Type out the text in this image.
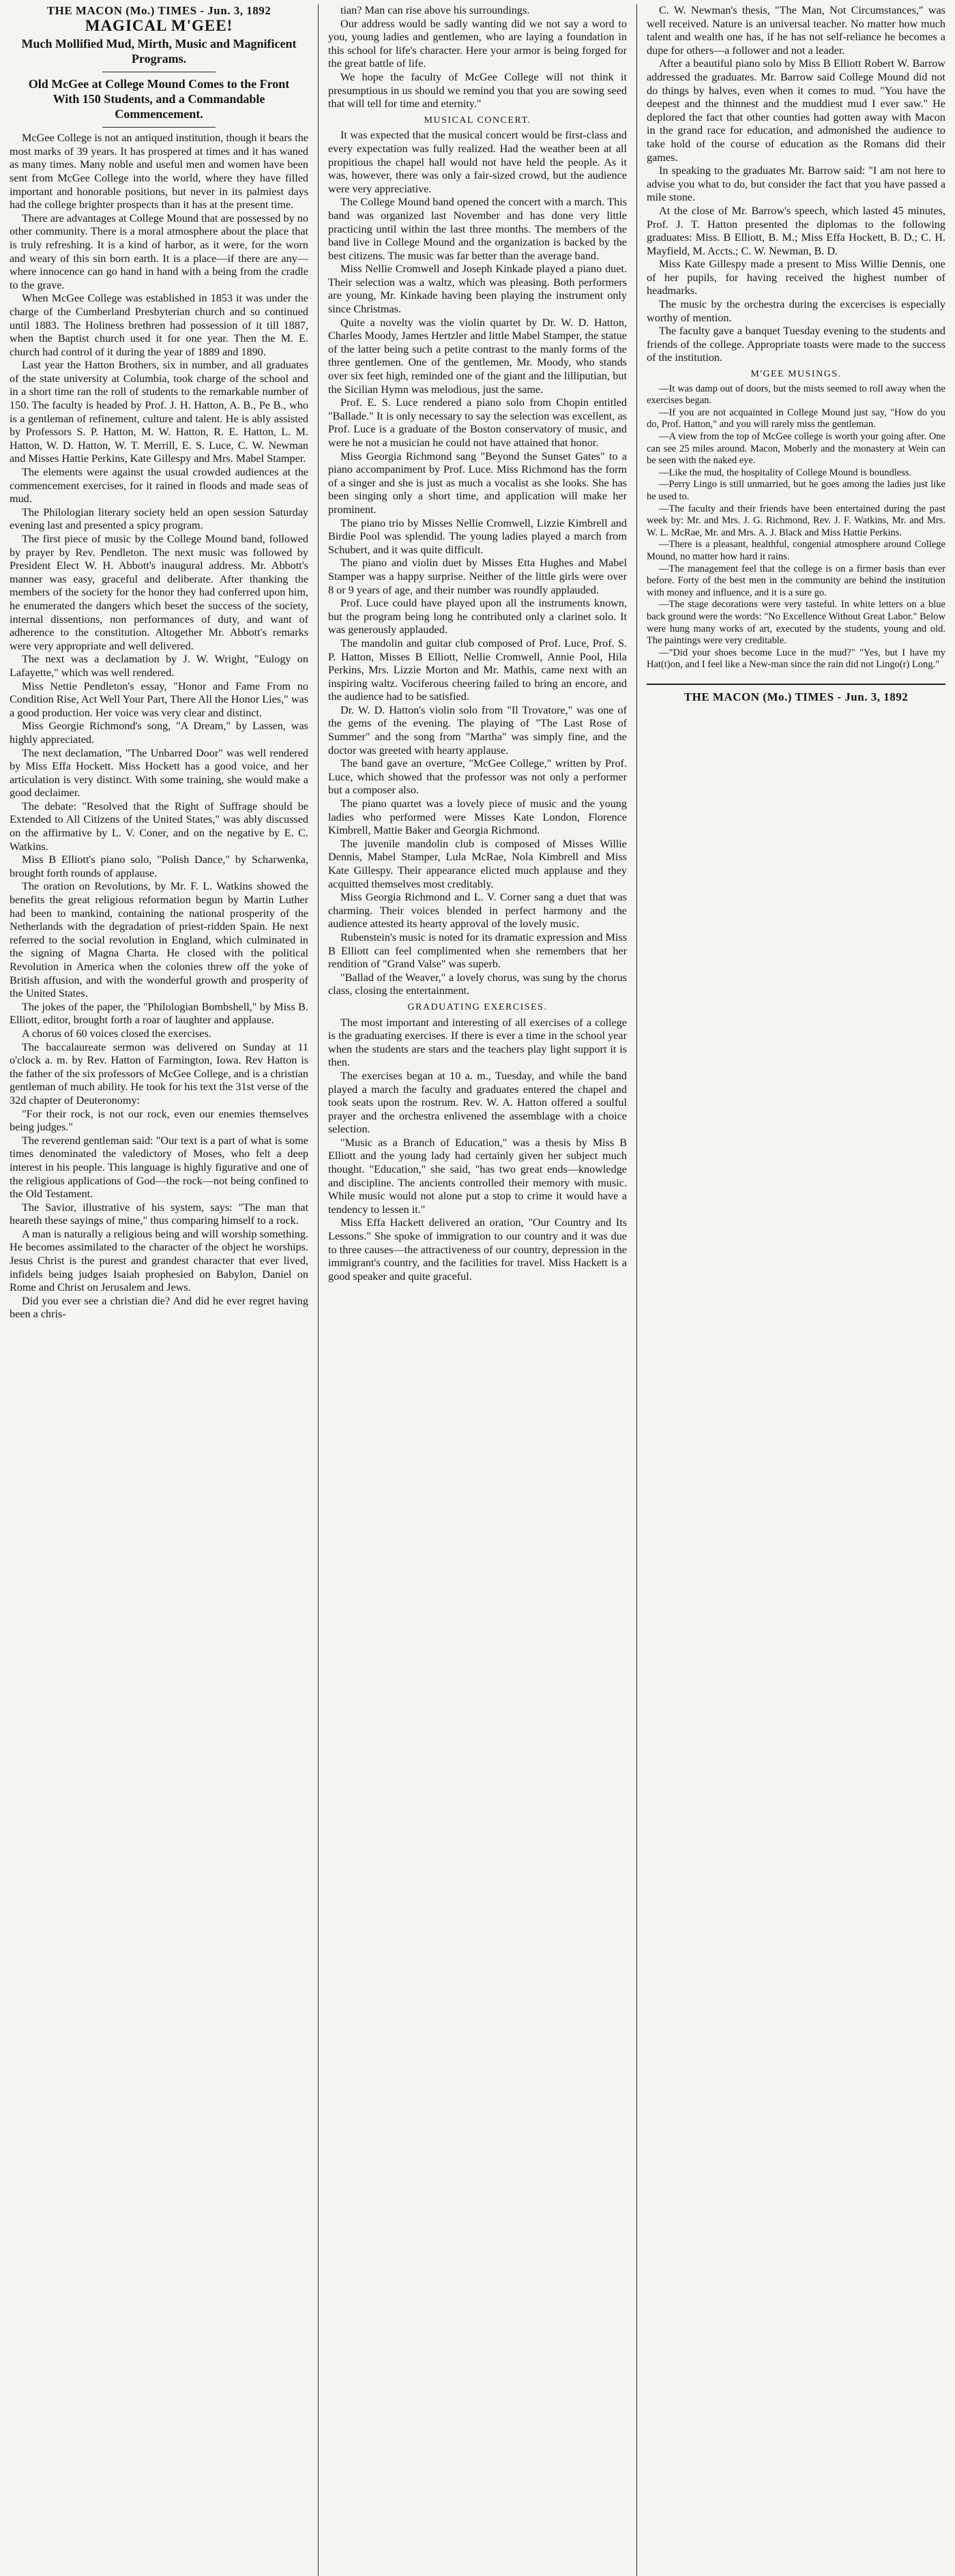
THE MACON (Mo.) TIMES - Jun. 3, 1892
MAGICAL M'GEE!
Much Mollified Mud, Mirth, Music and Magnificent Programs.
Old McGee at College Mound Comes to the Front With 150 Students, and a Commandable Commencement.

McGee College is not an antiqued institution, though it bears the most marks of 39 years. It has prospered at times and it has waned as many times. Many noble and useful men and women have been sent from McGee College into the world, where they have filled important and honorable positions, but never in its palmiest days had the college brighter prospects than it has at the present time.

There are advantages at College Mound that are possessed by no other community. There is a moral atmosphere about the place that is truly refreshing. It is a kind of harbor, as it were, for the worn and weary of this sin born earth. It is a place—if there are any—where innocence can go hand in hand with a being from the cradle to the grave.

When McGee College was established in 1853 it was under the charge of the Cumberland Presbyterian church and so continued until 1883. The Holiness brethren had possession of it till 1887, when the Baptist church used it for one year. Then the M. E. church had control of it during the year of 1889 and 1890.

Last year the Hatton Brothers, six in number, and all graduates of the state university at Columbia, took charge of the school and in a short time ran the roll of students to the remarkable number of 150. The faculty is headed by Prof. J. H. Hatton, A. B., Pe B., who is a gentleman of refinement, culture and talent. He is ably assisted by Professors S. P. Hatton, M. W. Hatton, R. E. Hatton, L. M. Hatton, W. D. Hatton, W. T. Merrill, E. S. Luce, C. W. Newman and Misses Hattie Perkins, Kate Gillespy and Mrs. Mabel Stamper.

The elements were against the usual crowded audiences at the commencement exercises, for it rained in floods and made seas of mud.

The Philologian literary society held an open session Saturday evening last and presented a spicy program.

The first piece of music by the College Mound band, followed by prayer by Rev. Pendleton. The next music was followed by President Elect W. H. Abbott's inaugural address. Mr. Abbott's manner was easy, graceful and deliberate. After thanking the members of the society for the honor they had conferred upon him, he enumerated the dangers which beset the success of the society, internal dissentions, non performances of duty, and want of adherence to the constitution. Altogether Mr. Abbott's remarks were very appropriate and well delivered.

The next was a declamation by J. W. Wright, "Eulogy on Lafayette," which was well rendered.

Miss Nettie Pendleton's essay, "Honor and Fame From no Condition Rise, Act Well Your Part, There All the Honor Lies," was a good production. Her voice was very clear and distinct.

Miss Georgie Richmond's song, "A Dream," by Lassen, was highly appreciated.

The next declamation, "The Unbarred Door" was well rendered by Miss Effa Hockett. Miss Hockett has a good voice, and her articulation is very distinct. With some training, she would make a good declaimer.

The debate: "Resolved that the Right of Suffrage should be Extended to All Citizens of the United States," was ably discussed on the affirmative by L. V. Coner, and on the negative by E. C. Watkins.

Miss B Elliott's piano solo, "Polish Dance," by Scharwenka, brought forth rounds of applause.

The oration on Revolutions, by Mr. F. L. Watkins showed the benefits the great religious reformation begun by Martin Luther had been to mankind, containing the national prosperity of the Netherlands with the degradation of priest-ridden Spain. He next referred to the social revolution in England, which culminated in the signing of Magna Charta. He closed with the political Revolution in America when the colonies threw off the yoke of British affusion, and with the wonderful growth and prosperity of the United States.

The jokes of the paper, the "Philologian Bombshell," by Miss B. Elliott, editor, brought forth a roar of laughter and applause.

A chorus of 60 voices closed the exercises.

The baccalaureate sermon was delivered on Sunday at 11 o'clock a. m. by Rev. Hatton of Farmington, Iowa. Rev Hatton is the father of the six professors of McGee College, and is a christian gentleman of much ability. He took for his text the 31st verse of the 32d chapter of Deuteronomy:

"For their rock, is not our rock, even our enemies themselves being judges."

The reverend gentleman said: "Our text is a part of what is some times denominated the valedictory of Moses, who felt a deep interest in his people. This language is highly figurative and one of the religious applications of God—the rock—not being confined to the Old Testament.

The Savior, illustrative of his system, says: "The man that heareth these sayings of mine," thus comparing himself to a rock.

A man is naturally a religious being and will worship something. He becomes assimilated to the character of the object he worships. Jesus Christ is the purest and grandest character that ever lived, infidels being judges Isaiah prophesied on Babylon, Daniel on Rome and Christ on Jerusalem and Jews.

Did you ever see a christian die? And did he ever regret having been a chris-

tian? Man can rise above his surroundings.

Our address would be sadly wanting did we not say a word to you, young ladies and gentlemen, who are laying a foundation in this school for life's character. Here your armor is being forged for the great battle of life.

We hope the faculty of McGee College will not think it presumptious in us should we remind you that you are sowing seed that will tell for time and eternity."

MUSICAL CONCERT.

It was expected that the musical concert would be first-class and every expectation was fully realized. Had the weather been at all propitious the chapel hall would not have held the people. As it was, however, there was only a fair-sized crowd, but the audience were very appreciative.

The College Mound band opened the concert with a march. This band was organized last November and has done very little practicing until within the last three months. The members of the band live in College Mound and the organization is backed by the best citizens. The music was far better than the average band.

Miss Nellie Cromwell and Joseph Kinkade played a piano duet. Their selection was a waltz, which was pleasing. Both performers are young, Mr. Kinkade having been playing the instrument only since Christmas.

Quite a novelty was the violin quartet by Dr. W. D. Hatton, Charles Moody, James Hertzler and little Mabel Stamper, the statue of the latter being such a petite contrast to the manly forms of the three gentlemen. One of the gentlemen, Mr. Moody, who stands over six feet high, reminded one of the giant and the lilliputian, but the Sicilian Hymn was melodious, just the same.

Prof. E. S. Luce rendered a piano solo from Chopin entitled "Ballade." It is only necessary to say the selection was excellent, as Prof. Luce is a graduate of the Boston conservatory of music, and were he not a musician he could not have attained that honor.

Miss Georgia Richmond sang "Beyond the Sunset Gates" to a piano accompaniment by Prof. Luce. Miss Richmond has the form of a singer and she is just as much a vocalist as she looks. She has been singing only a short time, and application will make her prominent.

The piano trio by Misses Nellie Cromwell, Lizzie Kimbrell and Birdie Pool was splendid. The young ladies played a march from Schubert, and it was quite difficult.

The piano and violin duet by Misses Etta Hughes and Mabel Stamper was a happy surprise. Neither of the little girls were over 8 or 9 years of age, and their number was roundly applauded.

Prof. Luce could have played upon all the instruments known, but the program being long he contributed only a clarinet solo. It was generously applauded.

The mandolin and guitar club composed of Prof. Luce, Prof. S. P. Hatton, Misses B Elliott, Nellie Cromwell, Annie Pool, Hila Perkins, Mrs. Lizzie Morton and Mr. Mathis, came next with an inspiring waltz. Vociferous cheering failed to bring an encore, and the audience had to be satisfied.

Dr. W. D. Hatton's violin solo from "Il Trovatore," was one of the gems of the evening. The playing of "The Last Rose of Summer" and the song from "Martha" was simply fine, and the doctor was greeted with hearty applause.

The band gave an overture, "McGee College," written by Prof. Luce, which showed that the professor was not only a performer but a composer also.

The piano quartet was a lovely piece of music and the young ladies who performed were Misses Kate London, Florence Kimbrell, Mattie Baker and Georgia Richmond.

The juvenile mandolin club is composed of Misses Willie Dennis, Mabel Stamper, Lula McRae, Nola Kimbrell and Miss Kate Gillespy. Their appearance elicted much applause and they acquitted themselves most creditably.

Miss Georgia Richmond and L. V. Corner sang a duet that was charming. Their voices blended in perfect harmony and the audience attested its hearty approval of the lovely music.

Rubenstein's music is noted for its dramatic expression and Miss B Elliott can feel complimented when she remembers that her rendition of "Grand Valse" was superb.

"Ballad of the Weaver," a lovely chorus, was sung by the chorus class, closing the entertainment.

GRADUATING EXERCISES.

The most important and interesting of all exercises of a college is the graduating exercises. If there is ever a time in the school year when the students are stars and the teachers play light support it is then.

The exercises began at 10 a. m., Tuesday, and while the band played a march the faculty and graduates entered the chapel and took seats upon the rostrum. Rev. W. A. Hatton offered a soulful prayer and the orchestra enlivened the assemblage with a choice selection.

"Music as a Branch of Education," was a thesis by Miss B Elliott and the young lady had certainly given her subject much thought. "Education," she said, "has two great ends—knowledge and discipline. The ancients controlled their memory with music. While music would not alone put a stop to crime it would have a tendency to lessen it."

Miss Effa Hackett delivered an oration, "Our Country and Its Lessons." She spoke of immigration to our country and it was due to three causes—the attractiveness of our country, depression in the immigrant's country, and the facilities for travel. Miss Hackett is a good speaker and quite graceful.

C. W. Newman's thesis, "The Man, Not Circumstances," was well received. Nature is an universal teacher. No matter how much talent and wealth one has, if he has not self-reliance he becomes a dupe for others—a follower and not a leader.

After a beautiful piano solo by Miss B Elliott Robert W. Barrow addressed the graduates. Mr. Barrow said College Mound did not do things by halves, even when it comes to mud. "You have the deepest and the thinnest and the muddiest mud I ever saw." He deplored the fact that other counties had gotten away with Macon in the grand race for education, and admonished the audience to take hold of the course of education as the Romans did their games.

In speaking to the graduates Mr. Barrow said: "I am not here to advise you what to do, but consider the fact that you have passed a mile stone.

At the close of Mr. Barrow's speech, which lasted 45 minutes, Prof. J. T. Hatton presented the diplomas to the following graduates: Miss. B Elliott, B. M.; Miss Effa Hockett, B. D.; C. H. Mayfield, M. Accts.; C. W. Newman, B. D.

Miss Kate Gillespy made a present to Miss Willie Dennis, one of her pupils, for having received the highest number of headmarks.

The music by the orchestra during the excercises is especially worthy of mention.

The faculty gave a banquet Tuesday evening to the students and friends of the college. Appropriate toasts were made to the success of the institution.

M'GEE MUSINGS.

—It was damp out of doors, but the mists seemed to roll away when the exercises began.

—If you are not acquainted in College Mound just say, "How do you do, Prof. Hatton," and you will rarely miss the gentleman.

—A view from the top of McGee college is worth your going after. One can see 25 miles around. Macon, Moberly and the monastery at Wein can be seen with the naked eye.

—Like the mud, the hospitality of College Mound is boundless.

—Perry Lingo is still unmarried, but he goes among the ladies just like he used to.

—The faculty and their friends have been entertained during the past week by: Mr. and Mrs. J. G. Richmond, Rev. J. F. Watkins, Mr. and Mrs. W. L. McRae, Mr. and Mrs. A. J. Black and Miss Hattie Perkins.

—There is a pleasant, healthful, congenial atmosphere around College Mound, no matter how hard it rains.

—The management feel that the college is on a firmer basis than ever before. Forty of the best men in the community are behind the institution with money and influence, and it is a sure go.

—The stage decorations were very tasteful. In white letters on a blue back ground were the words: "No Excellence Without Great Labor." Below were hung many works of art, executed by the students, young and old. The paintings were very creditable.

—"Did your shoes become Luce in the mud?" "Yes, but I have my Hat(t)on, and I feel like a New-man since the rain did not Lingo(r) Long."

THE MACON (Mo.) TIMES - Jun. 3, 1892
